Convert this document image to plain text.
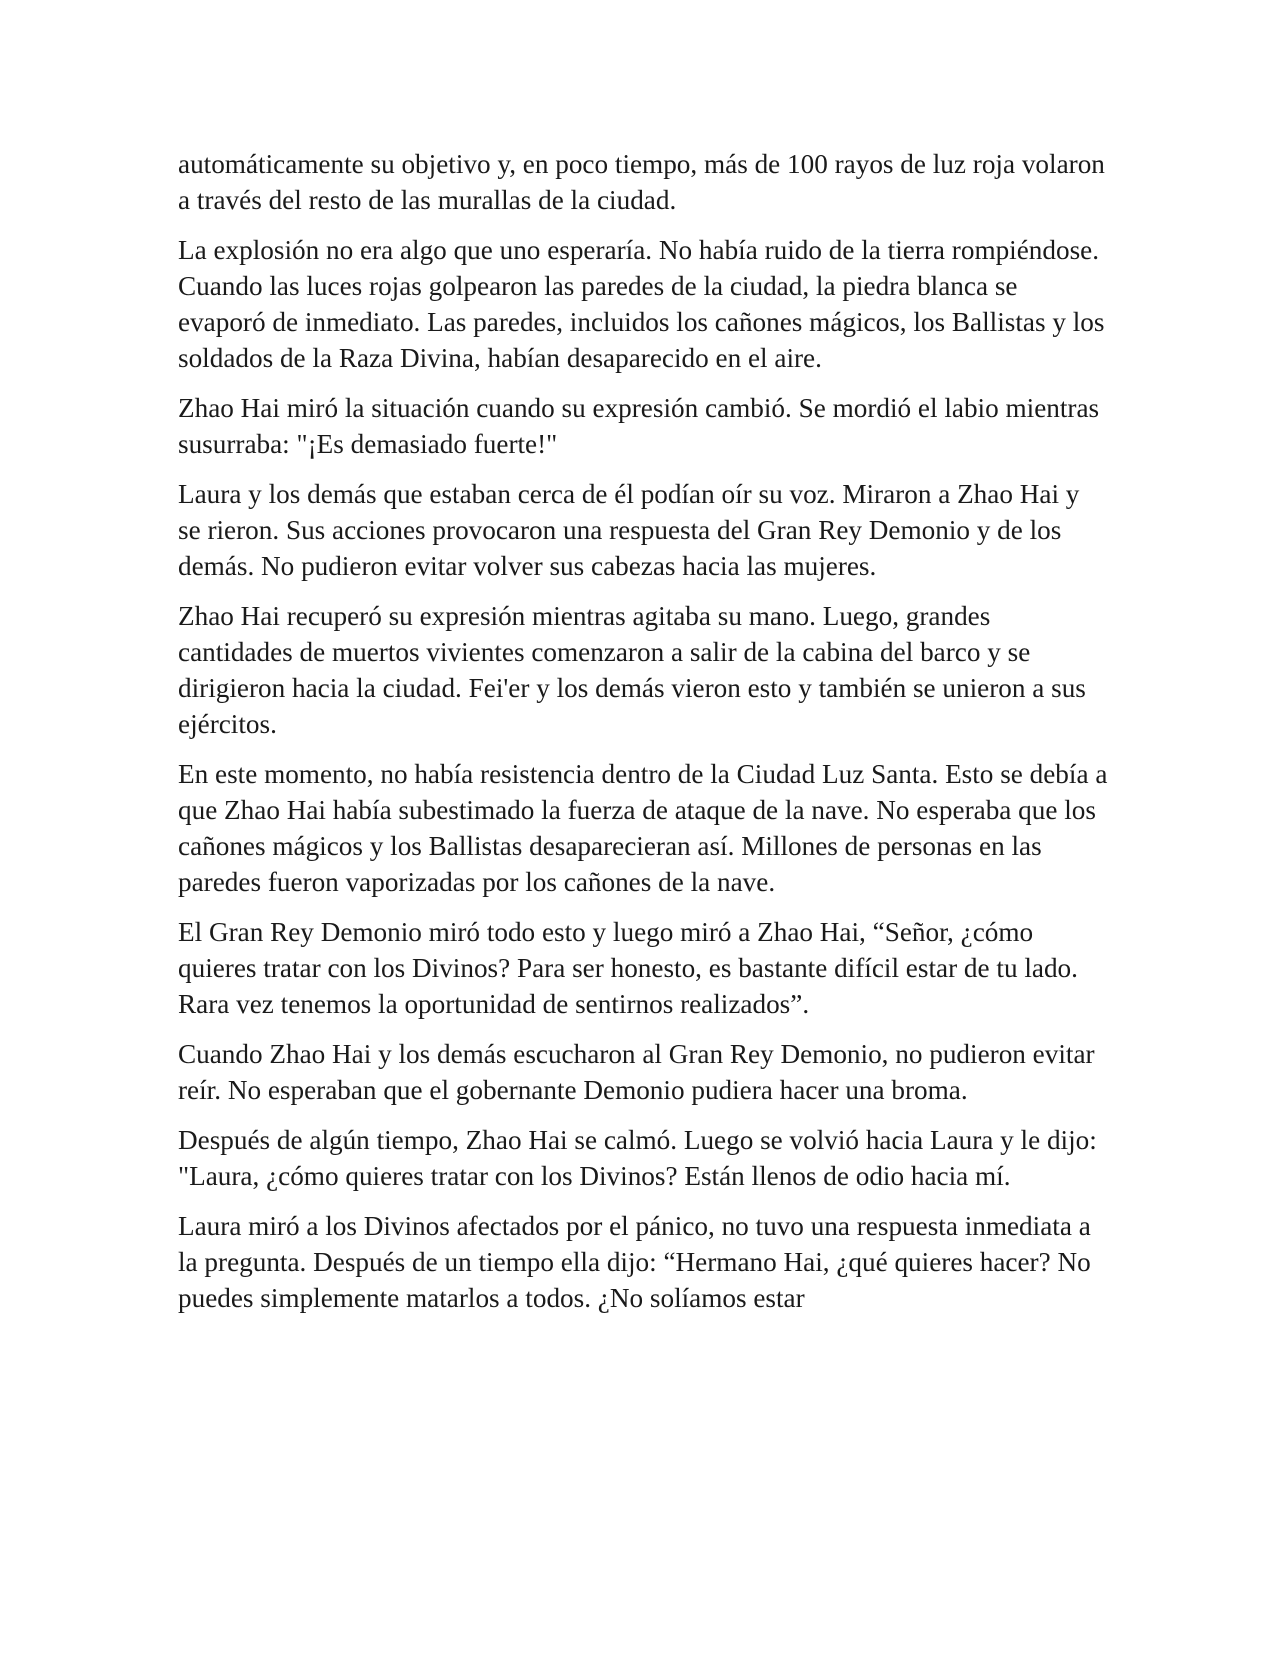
automáticamente su objetivo y, en poco tiempo, más de 100 rayos de luz roja volaron a través del resto de las murallas de la ciudad.

La explosión no era algo que uno esperaría. No había ruido de la tierra rompiéndose. Cuando las luces rojas golpearon las paredes de la ciudad, la piedra blanca se evaporó de inmediato. Las paredes, incluidos los cañones mágicos, los Ballistas y los soldados de la Raza Divina, habían desaparecido en el aire.

Zhao Hai miró la situación cuando su expresión cambió. Se mordió el labio mientras susurraba: "¡Es demasiado fuerte!"

Laura y los demás que estaban cerca de él podían oír su voz. Miraron a Zhao Hai y se rieron. Sus acciones provocaron una respuesta del Gran Rey Demonio y de los demás. No pudieron evitar volver sus cabezas hacia las mujeres.

Zhao Hai recuperó su expresión mientras agitaba su mano. Luego, grandes cantidades de muertos vivientes comenzaron a salir de la cabina del barco y se dirigieron hacia la ciudad. Fei'er y los demás vieron esto y también se unieron a sus ejércitos.

En este momento, no había resistencia dentro de la Ciudad Luz Santa. Esto se debía a que Zhao Hai había subestimado la fuerza de ataque de la nave. No esperaba que los cañones mágicos y los Ballistas desaparecieran así. Millones de personas en las paredes fueron vaporizadas por los cañones de la nave.

El Gran Rey Demonio miró todo esto y luego miró a Zhao Hai, “Señor, ¿cómo quieres tratar con los Divinos? Para ser honesto, es bastante difícil estar de tu lado. Rara vez tenemos la oportunidad de sentirnos realizados”.

Cuando Zhao Hai y los demás escucharon al Gran Rey Demonio, no pudieron evitar reír. No esperaban que el gobernante Demonio pudiera hacer una broma.

Después de algún tiempo, Zhao Hai se calmó. Luego se volvió hacia Laura y le dijo: "Laura, ¿cómo quieres tratar con los Divinos? Están llenos de odio hacia mí.

Laura miró a los Divinos afectados por el pánico, no tuvo una respuesta inmediata a la pregunta. Después de un tiempo ella dijo: “Hermano Hai, ¿qué quieres hacer? No puedes simplemente matarlos a todos. ¿No solíamos estar
